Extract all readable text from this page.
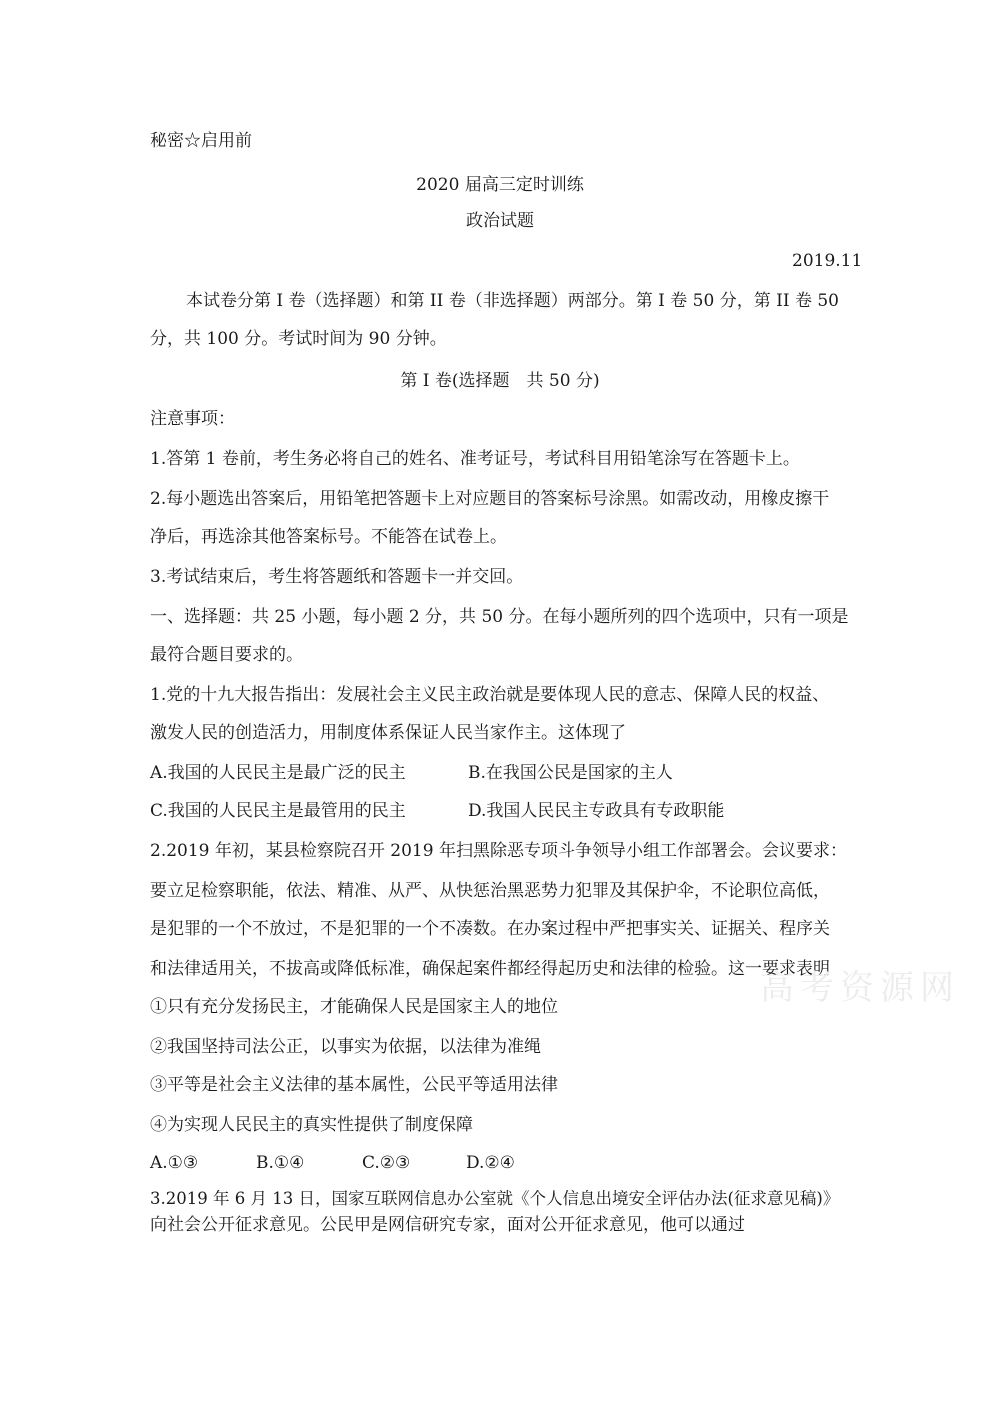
秘密☆启用前
2020 届高三定时训练
政治试题
2019.11
本试卷分第 I 卷（选择题）和第 II 卷（非选择题）两部分。第 I 卷 50 分，第 II 卷 50
分，共 100 分。考试时间为 90 分钟。
第 I 卷(选择题　共 50 分)
注意事项：
1.答第 1 卷前，考生务必将自己的姓名、准考证号，考试科目用铅笔涂写在答题卡上。
2.每小题选出答案后，用铅笔把答题卡上对应题目的答案标号涂黑。如需改动，用橡皮擦干
净后，再选涂其他答案标号。不能答在试卷上。
3.考试结束后，考生将答题纸和答题卡一并交回。
一、选择题：共 25 小题，每小题 2 分，共 50 分。在每小题所列的四个选项中，只有一项是
最符合题目要求的。
1.党的十九大报告指出：发展社会主义民主政治就是要体现人民的意志、保障人民的权益、
激发人民的创造活力，用制度体系保证人民当家作主。这体现了
A.我国的人民民主是最广泛的民主	B.在我国公民是国家的主人
C.我国的人民民主是最管用的民主	D.我国人民民主专政具有专政职能
2.2019 年初，某县检察院召开 2019 年扫黑除恶专项斗争领导小组工作部署会。会议要求：
要立足检察职能，依法、精准、从严、从快惩治黑恶势力犯罪及其保护伞，不论职位高低，
是犯罪的一个不放过，不是犯罪的一个不凑数。在办案过程中严把事实关、证据关、程序关
和法律适用关，不拔高或降低标准，确保起案件都经得起历史和法律的检验。这一要求表明
高考资源网
①只有充分发扬民主，才能确保人民是国家主人的地位
②我国坚持司法公正，以事实为依据，以法律为准绳
③平等是社会主义法律的基本属性，公民平等适用法律
④为实现人民民主的真实性提供了制度保障
A.①③	B.①④	C.②③	D.②④
3.2019 年 6 月 13 日，国家互联网信息办公室就《个人信息出境安全评估办法(征求意见稿)》
向社会公开征求意见。公民甲是网信研究专家，面对公开征求意见，他可以通过
